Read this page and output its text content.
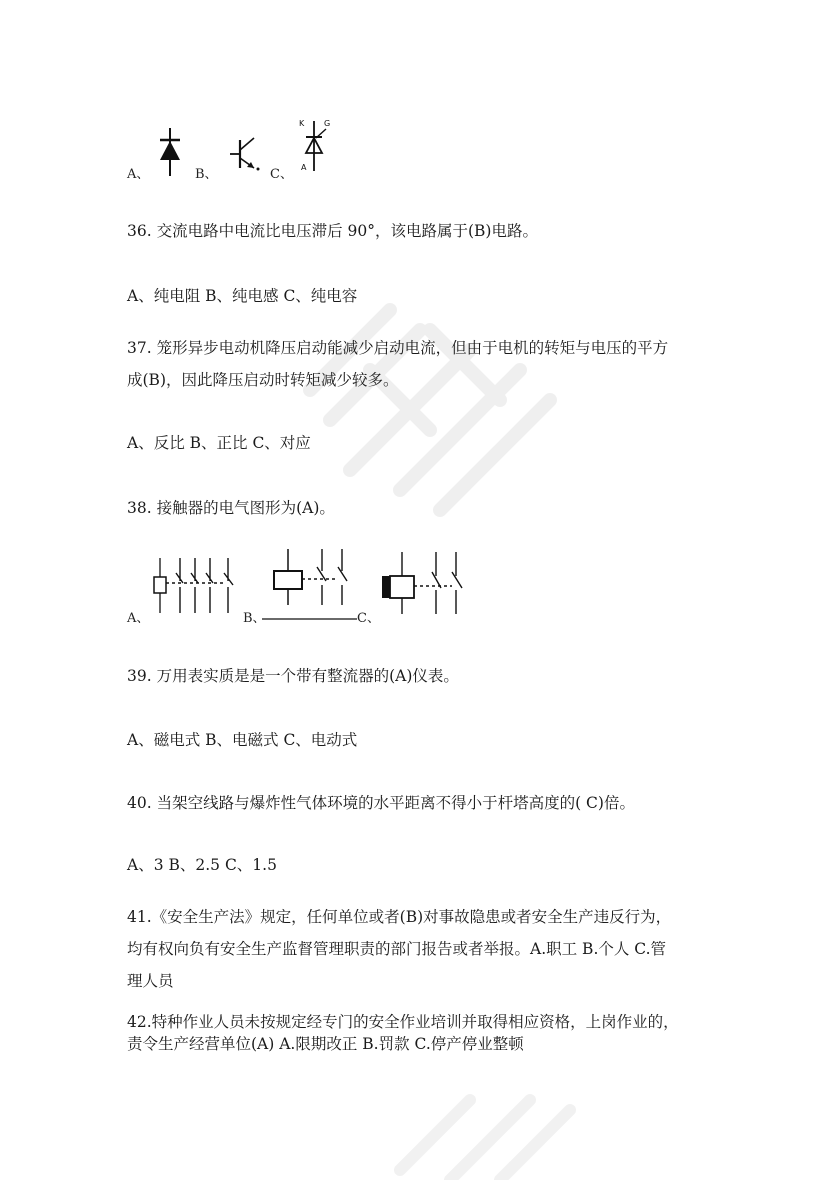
A、	B、	C、
K G
A
36. 交流电路中电流比电压滞后 90°，该电路属于(B)电路。
A、纯电阻 B、纯电感 C、纯电容
37. 笼形异步电动机降压启动能减少启动电流，但由于电机的转矩与电压的平方
成(B)，因此降压启动时转矩减少较多。
A、反比 B、正比 C、对应
38. 接触器的电气图形为(A)。
A、	B、	C、
39. 万用表实质是是一个带有整流器的(A)仪表。
A、磁电式 B、电磁式 C、电动式
40. 当架空线路与爆炸性气体环境的水平距离不得小于杆塔高度的( C)倍。
A、3 B、2.5 C、1.5
41.《安全生产法》规定，任何单位或者(B)对事故隐患或者安全生产违反行为，
均有权向负有安全生产监督管理职责的部门报告或者举报。A.职工 B.个人 C.管
理人员
42.特种作业人员未按规定经专门的安全作业培训并取得相应资格，上岗作业的，
责令生产经营单位(A) A.限期改正 B.罚款 C.停产停业整顿
